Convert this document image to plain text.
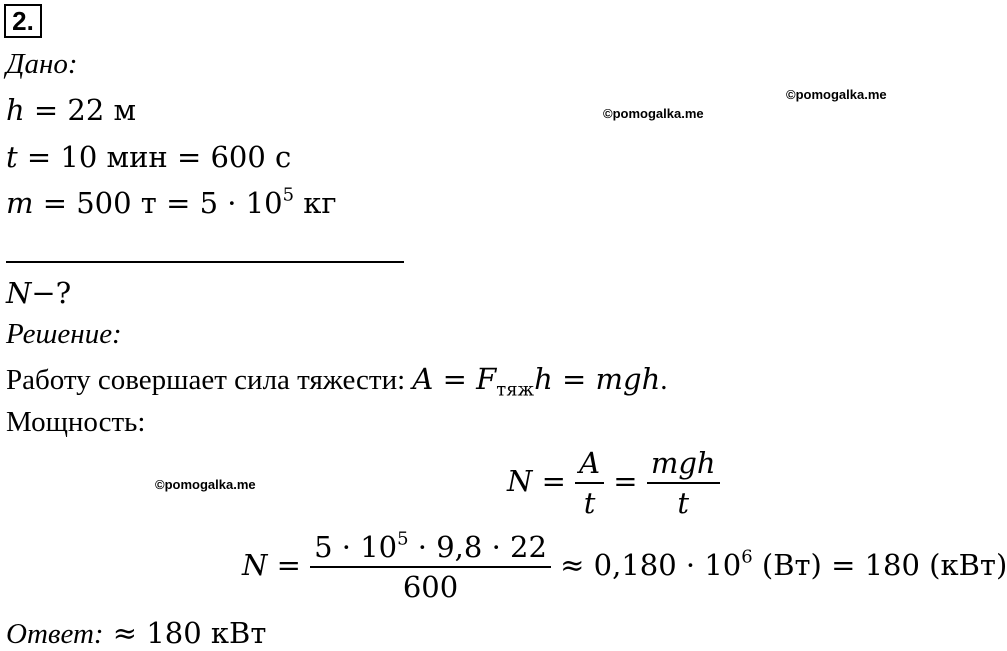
2.
Дано:
©pomogalka.me
©pomogalka.me
©pomogalka.me
h = 22 м
t = 10 мин = 600 с
m = 500 $т = 5 \cdot 10^5$ кг
N−?
Решение:
Работу совершает сила тяжести: $A = F_{тяж}h$ = mgh.
Мощность:
$N = \frac{A}{t} = \frac{\text{mgh}}{t}$
$N = \frac{5 \cdot 10^5 \cdot 9,8 \cdot 22}{600} \approx 0,180 \cdot 10^6$ (Вт) = 180 (кВт)
Ответ: ≈ 180 кВт
